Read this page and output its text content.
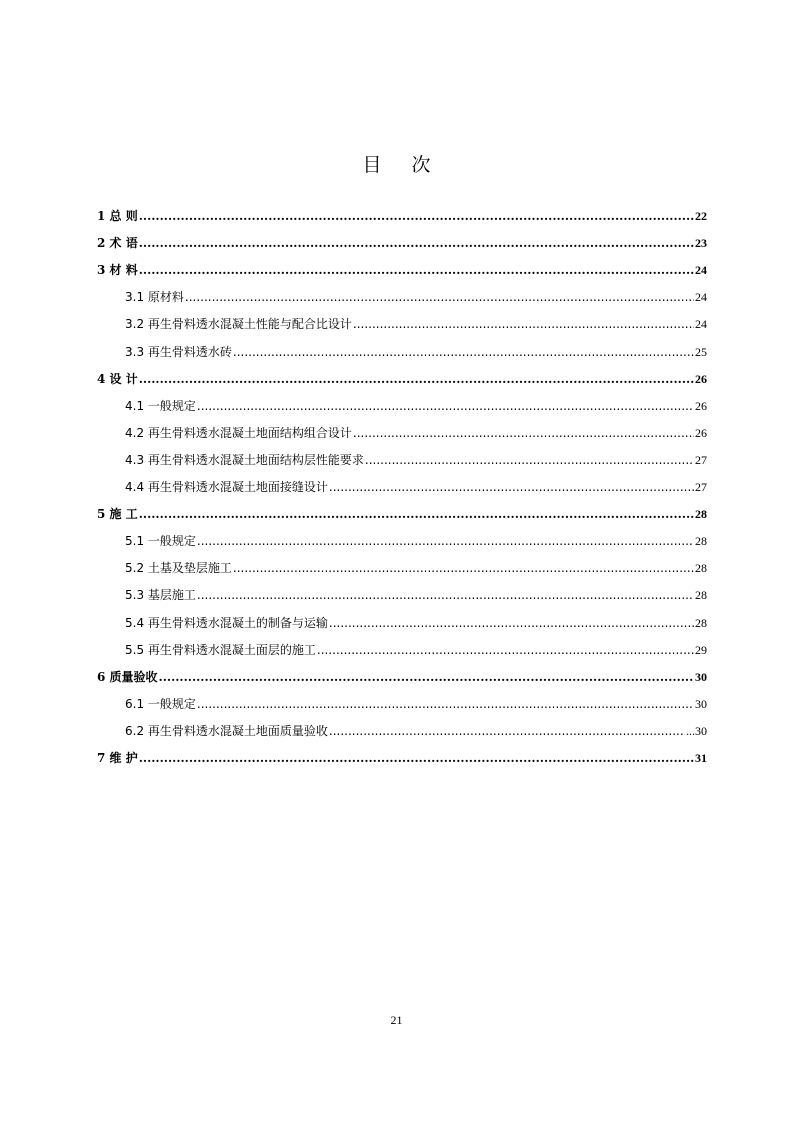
目 次
1 总 则 .....	22
2 术 语 .....	23
3 材 料 .....	24
3.1 原材料 .....	24
3.2 再生骨料透水混凝土性能与配合比设计 .....	24
3.3 再生骨料透水砖 .....	25
4 设 计 .....	26
4.1 一般规定 .....	26
4.2 再生骨料透水混凝土地面结构组合设计 .....	26
4.3 再生骨料透水混凝土地面结构层性能要求 .....	27
4.4 再生骨料透水混凝土地面接缝设计 .....	27
5 施 工 .....	28
5.1 一般规定 .....	28
5.2 土基及垫层施工 .....	28
5.3 基层施工 .....	28
5.4 再生骨料透水混凝土的制备与运输 .....	28
5.5 再生骨料透水混凝土面层的施工 .....	29
6 质量验收 .....	30
6.1 一般规定 .....	30
6.2 再生骨料透水混凝土地面质量验收 .....	...30
7 维 护 .....	31
21
